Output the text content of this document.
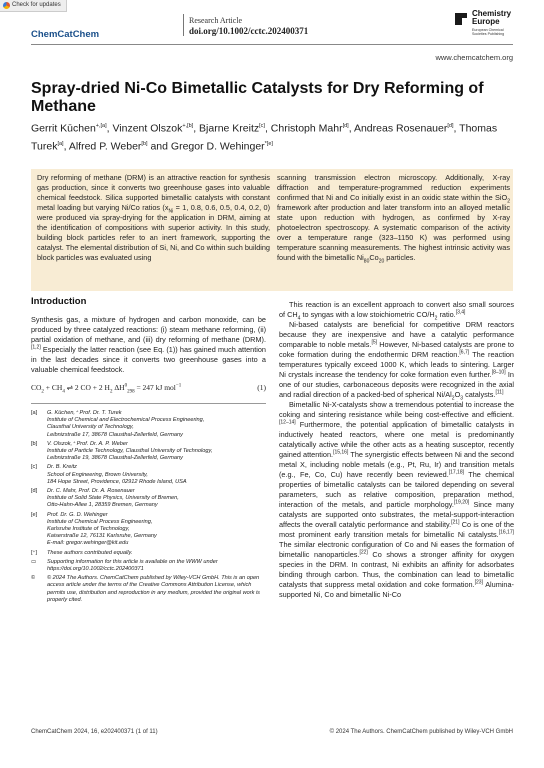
Check for updates
ChemCatChem
Research Article
doi.org/10.1002/cctc.202400371
Chemistry
Europe
European Chemical
Societies Publishing
www.chemcatchem.org
Spray-dried Ni-Co Bimetallic Catalysts for Dry Reforming of Methane

Gerrit Kūchen$^{+,[a]}$, Vinzent Olszok$^{+,[b]}$, Bjarne Kreitz[c], Christoph Mahr[d], Andreas Rosenauer[d], Thomas Turek[a], Alfred P. Weber[b] and Gregor D. Wehinger$^{*[e]}$

Dry reforming of methane (DRM) is an attractive reaction for synthesis gas production, since it converts two greenhouse gases into valuable chemical feedstock. Silica supported bimetallic catalysts with constant metal loading but varying Ni/Co ratios ($x_{Ni} = 1$, 0.8, 0.6, 0.5, 0.4, 0.2, 0) were produced via spray-drying for the application in DRM, aiming at the identification of compositions with superior activity. In this study, building block particles refer to an inert framework, supporting the catalyst. The elemental distribution of Si, Ni, and Co within such building block particles was evaluated using

scanning transmission electron microscopy. Additionally, X-ray diffraction and temperature-programmed reduction experiments confirmed that Ni and Co initially exist in an oxidic state within the SiO$_2$ framework after production and later transform into an alloyed metallic state upon reduction with hydrogen, as confirmed by X-ray photoelectron spectroscopy. A systematic comparison of the activity over a temperature range (323–1150 K) was performed using temperature scanning measurements. The highest intrinsic activity was found with the bimetallic $Ni_{80}Co_{20}$ particles.

Introduction

Synthesis gas, a mixture of hydrogen and carbon monoxide, can be produced by three catalyzed reactions: (i) steam methane reforming, (ii) partial oxidation of methane, and (iii) dry reforming of methane (DRM).[1,2] Especially the latter reaction (see Eq. (1)) has gained much attention in the last decades since it converts two greenhouse gases into a valuable chemical feedstock.

$CO_2 + CH_4$ ⇌ 2 CO + 2 $H_2$ $\Delta H^0_{298} = 247$ kJ mol$^{-1}$	(1)
[a]	G. Küchen,⁺ Prof. Dr. T. Turek
Institute of Chemical and Electrochemical Process Engineering,
Clausthal University of Technology,
Leibnizstraße 17, 38678 Clausthal-Zellerfeld, Germany
[b]	V. Olszok,⁺ Prof. Dr. A. P. Weber
Institute of Particle Technology, Clausthal University of Technology,
Leibnizstraße 19, 38678 Clausthal-Zellerfeld, Germany
[c]	Dr. B. Kreitz
School of Engineering, Brown University,
184 Hope Street, Providence, 02912 Rhode Island, USA
[d]	Dr. C. Mahr, Prof. Dr. A. Rosenauer
Institute of Solid State Physics, University of Bremen,
Otto-Hahn-Allee 1, 28359 Bremen, Germany
[e]	Prof. Dr. G. D. Wehinger
Institute of Chemical Process Engineering,
Karlsruhe Institute of Technology,
Kaiserstraße 12, 76131 Karlsruhe, Germany
E-mail: gregor.wehinger@kit.edu
[⁺]	These authors contributed equally.
▭	Supporting information for this article is available on the WWW under https://doi.org/10.1002/cctc.202400371
©	© 2024 The Authors. ChemCatChem published by Wiley-VCH GmbH. This is an open access article under the terms of the Creative Commons Attribution License, which permits use, distribution and reproduction in any medium, provided the original work is properly cited.

This reaction is an excellent approach to convert also small sources of $CH_4$ to syngas with a low stoichiometric $CO/H_2$ ratio.[3,4]

Ni-based catalysts are beneficial for competitive DRM reactors because they are inexpensive and have a catalytic performance comparable to noble metals.[5] However, Ni-based catalysts are prone to coke formation during the endothermic DRM reaction.[6,7] The reaction temperatures typically exceed 1000 K, which leads to sintering. Larger Ni crystals increase the tendency for coke formation even further.[8–10] In one of our studies, carbonaceous deposits were recognized in the axial and radial direction of a packed-bed of spherical $Ni/Al_2O_3$ catalysts.[11]

Bimetallic Ni-X-catalysts show a tremendous potential to increase the coking and sintering resistance while being cost-effective and efficient.[12–14] Furthermore, the potential application of bimetallic catalysts in inductively heated reactors, where one metal is predominantly catalytically active while the other acts as a heating susceptor, recently gained attention.[15,16] The synergistic effects between Ni and the second metal X, including noble metals (e.g., Pt, Ru, Ir) and transition metals (e.g., Fe, Co, Cu) have recently been reviewed.[17,18] The chemical properties of bimetallic catalysts can be tailored depending on several parameters, such as relative composition, preparation method, interaction of the metals, and particle morphology.[19,20] Since many catalysts are supported onto substrates, the metal-support-interaction affects the overall catalytic performance and stability.[21] Co is one of the most prominent early transition metals for bimetallic Ni catalysts.[16,17] The similar electronic configuration of Co and Ni eases the formation of bimetallic nanoparticles.[22] Co shows a stronger affinity for oxygen species in the DRM. In contrast, Ni exhibits an affinity for adsorbates binding through carbon. Thus, the combination can lead to bimetallic catalysts that suppress metal oxidation and coke formation.[23] Alumina-supported Ni, Co and bimetallic Ni-Co

ChemCatChem 2024, 16, e202400371 (1 of 11)	© 2024 The Authors. ChemCatChem published by Wiley-VCH GmbH
